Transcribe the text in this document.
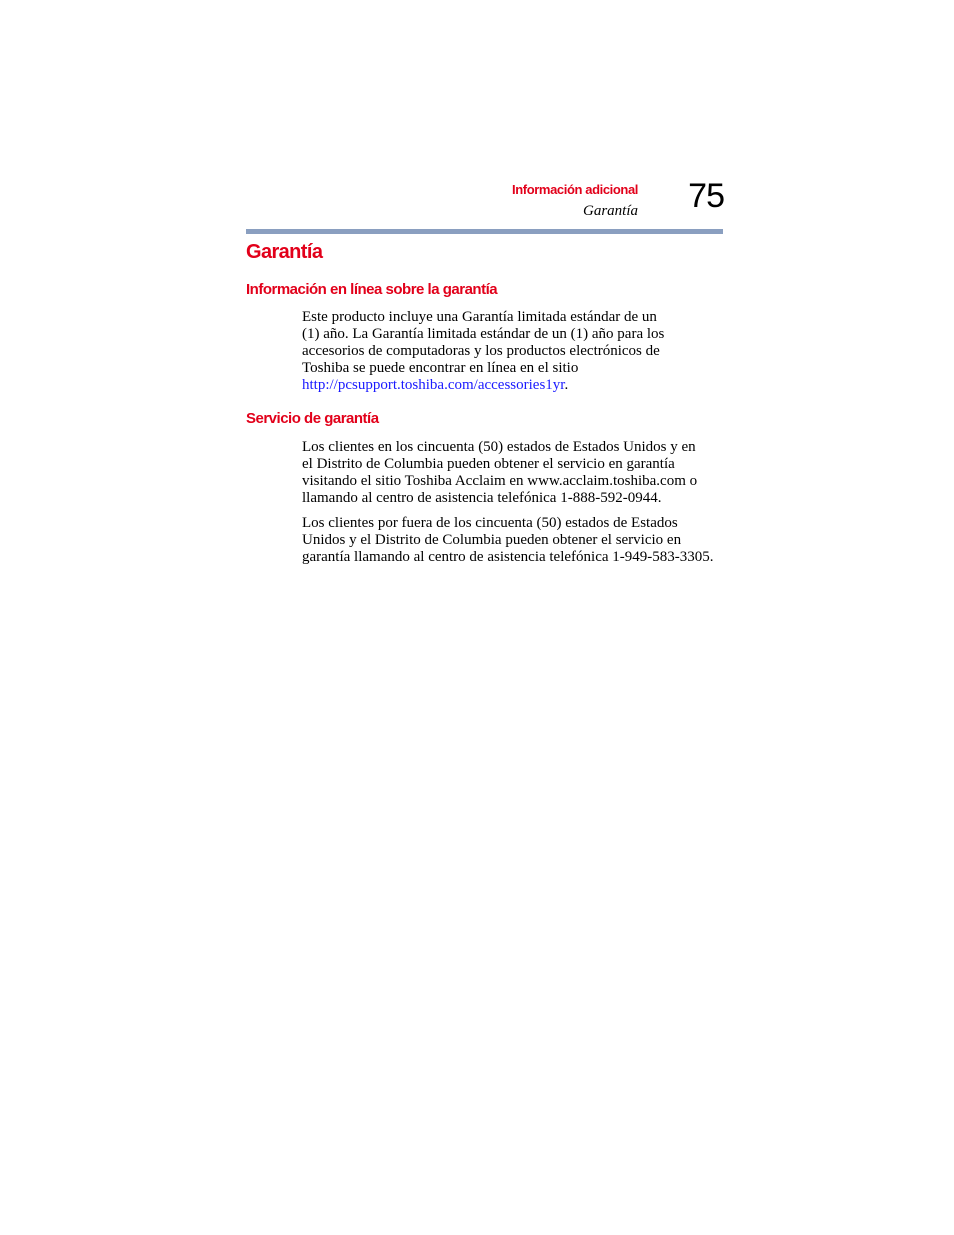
Información adicional
Garantía	75
Garantía
Información en línea sobre la garantía
Este producto incluye una Garantía limitada estándar de un
(1) año. La Garantía limitada estándar de un (1) año para los
accesorios de computadoras y los productos electrónicos de
Toshiba se puede encontrar en línea en el sitio
http://pcsupport.toshiba.com/accessories1yr.
Servicio de garantía
Los clientes en los cincuenta (50) estados de Estados Unidos y en
el Distrito de Columbia pueden obtener el servicio en garantía
visitando el sitio Toshiba Acclaim en www.acclaim.toshiba.com o
llamando al centro de asistencia telefónica 1-888-592-0944.
Los clientes por fuera de los cincuenta (50) estados de Estados
Unidos y el Distrito de Columbia pueden obtener el servicio en
garantía llamando al centro de asistencia telefónica 1-949-583-3305.
